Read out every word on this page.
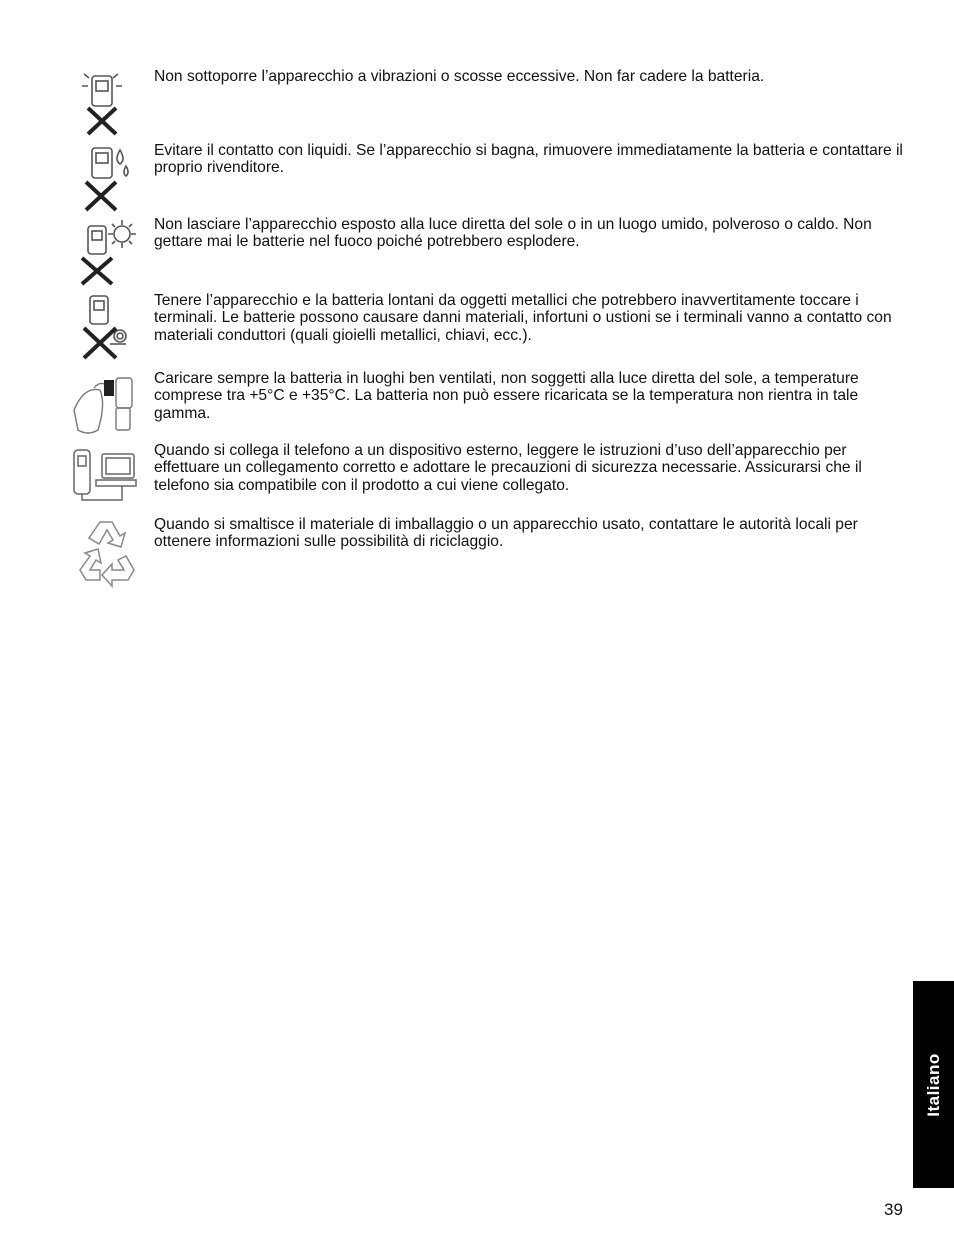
Non sottoporre l’apparecchio a vibrazioni o scosse eccessive. Non far cadere la batteria.

Evitare il contatto con liquidi. Se l’apparecchio si bagna, rimuovere immediatamente la batteria e contattare il proprio rivenditore.

Non lasciare l’apparecchio esposto alla luce diretta del sole o in un luogo umido, polveroso o caldo. Non gettare mai le batterie nel fuoco poiché potrebbero esplodere.

Tenere l’apparecchio e la batteria lontani da oggetti metallici che potrebbero inavvertitamente toccare i terminali. Le batterie possono causare danni materiali, infortuni o ustioni se i terminali vanno a contatto con materiali conduttori (quali gioielli metallici, chiavi, ecc.).

Caricare sempre la batteria in luoghi ben ventilati, non soggetti alla luce diretta del sole, a temperature comprese tra +5°C e +35°C. La batteria non può essere ricaricata se la temperatura non rientra in tale gamma.

Quando si collega il telefono a un dispositivo esterno, leggere le istruzioni d’uso dell’apparecchio per effettuare un collegamento corretto e adottare le precauzioni di sicurezza necessarie. Assicurarsi che il telefono sia compatibile con il prodotto a cui viene collegato.

Quando si smaltisce il materiale di imballaggio o un apparecchio usato, contattare le autorità locali per ottenere informazioni sulle possibilità di riciclaggio.

Italiano
39
